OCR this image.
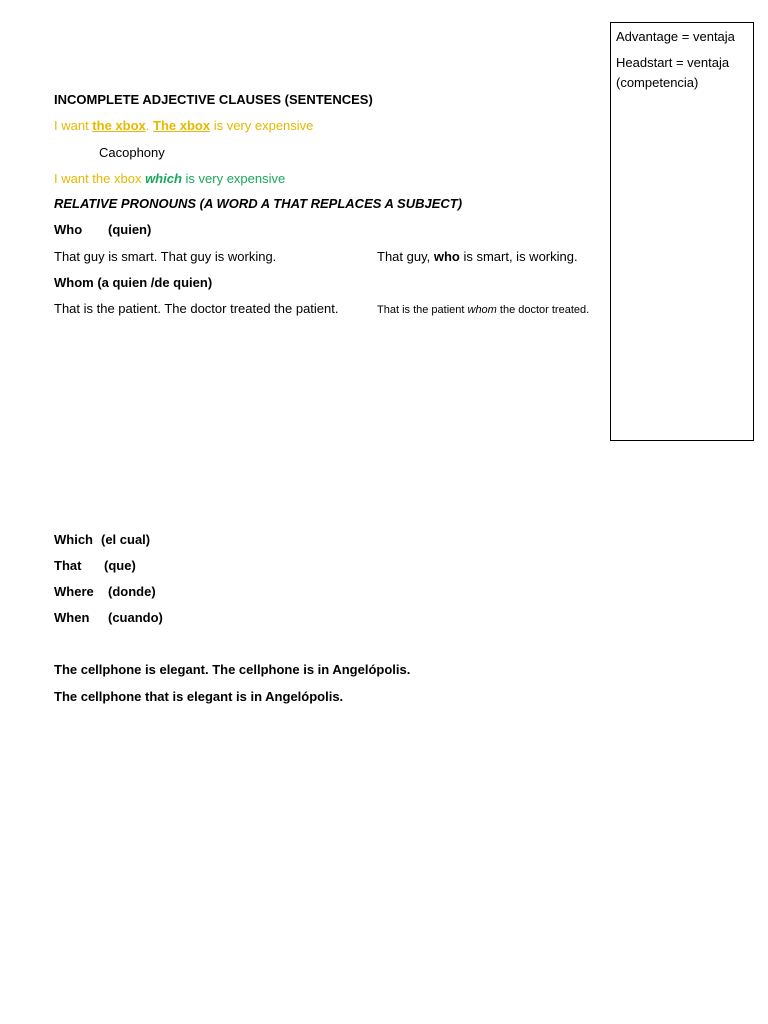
Advantage = ventaja
Headstart = ventaja (competencia)
INCOMPLETE ADJECTIVE CLAUSES (SENTENCES)
I want the xbox. The xbox is very expensive
Cacophony
I want the xbox which is very expensive
RELATIVE PRONOUNS (A WORD A THAT REPLACES A SUBJECT)
Who (quien)
That guy is smart. That guy is working.	That guy, who is smart, is working.
Whom (a quien /de quien)
That is the patient. The doctor treated the patient.	That is the patient whom the doctor treated.
Which (el cual)
That (que)
Where (donde)
When (cuando)
The cellphone is elegant. The cellphone is in Angelópolis.
The cellphone that is elegant is in Angelópolis.
